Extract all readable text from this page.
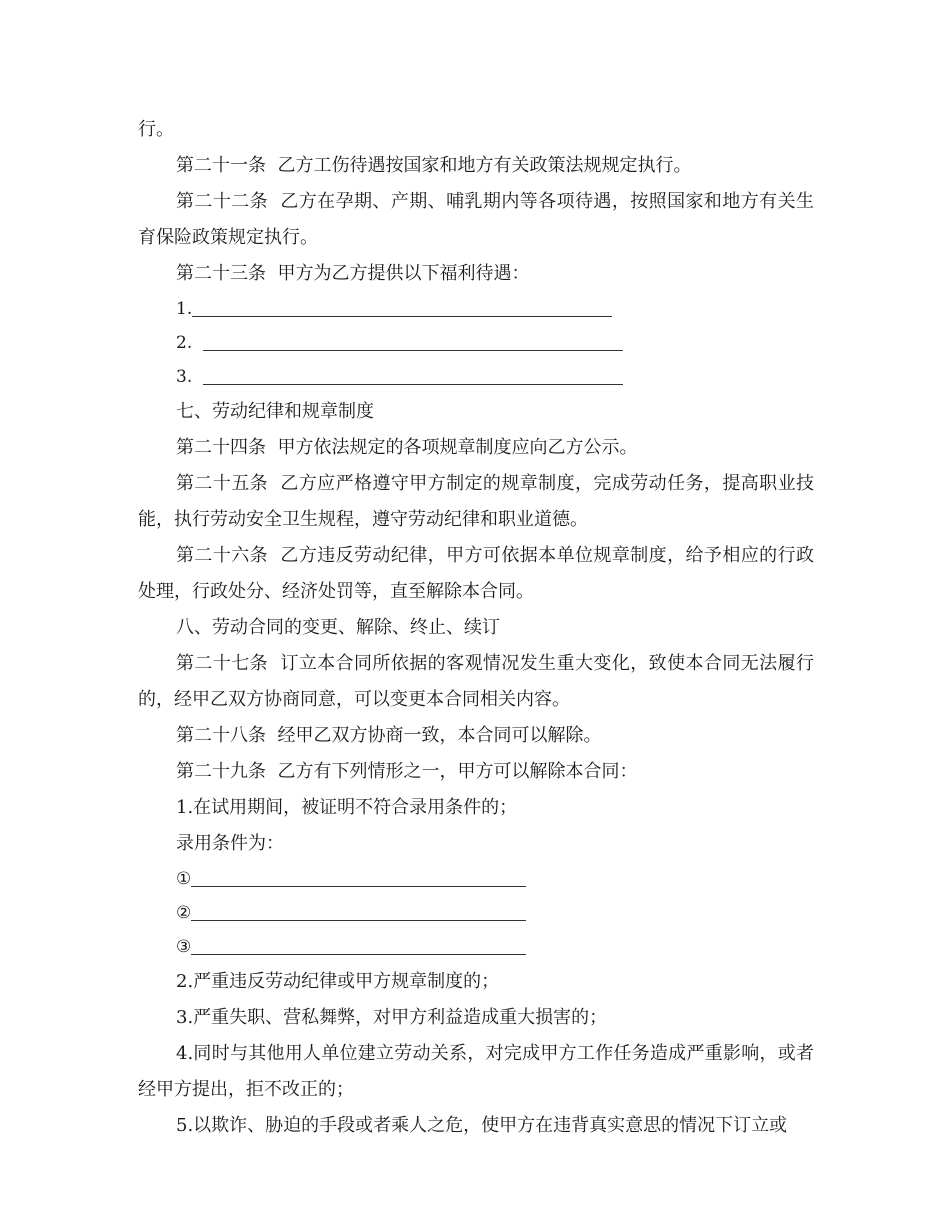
行。

第二十一条  乙方工伤待遇按国家和地方有关政策法规规定执行。

第二十二条  乙方在孕期、产期、哺乳期内等各项待遇，按照国家和地方有关生育保险政策规定执行。

第二十三条  甲方为乙方提供以下福利待遇：

1.
2.
3.

七、劳动纪律和规章制度

第二十四条  甲方依法规定的各项规章制度应向乙方公示。

第二十五条  乙方应严格遵守甲方制定的规章制度，完成劳动任务，提高职业技能，执行劳动安全卫生规程，遵守劳动纪律和职业道德。

第二十六条  乙方违反劳动纪律，甲方可依据本单位规章制度，给予相应的行政处理，行政处分、经济处罚等，直至解除本合同。

八、劳动合同的变更、解除、终止、续订

第二十七条  订立本合同所依据的客观情况发生重大变化，致使本合同无法履行的，经甲乙双方协商同意，可以变更本合同相关内容。

第二十八条  经甲乙双方协商一致，本合同可以解除。

第二十九条  乙方有下列情形之一，甲方可以解除本合同：

1.在试用期间，被证明不符合录用条件的；

录用条件为：

①
②
③

2.严重违反劳动纪律或甲方规章制度的；

3.严重失职、营私舞弊，对甲方利益造成重大损害的；

4.同时与其他用人单位建立劳动关系，对完成甲方工作任务造成严重影响，或者经甲方提出，拒不改正的；

5.以欺诈、胁迫的手段或者乘人之危，使甲方在违背真实意思的情况下订立或
